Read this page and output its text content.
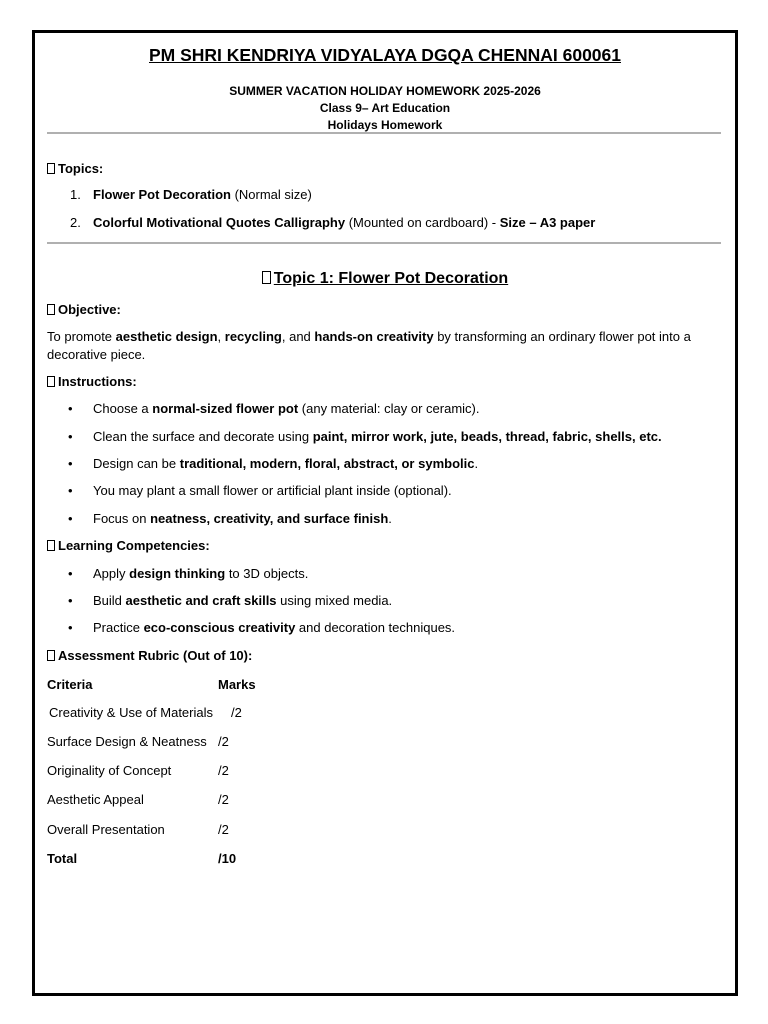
PM SHRI KENDRIYA VIDYALAYA DGQA CHENNAI 600061
SUMMER VACATION HOLIDAY HOMEWORK 2025-2026
Class 9– Art Education
Holidays Homework
Topics:
1. Flower Pot Decoration (Normal size)
2. Colorful Motivational Quotes Calligraphy (Mounted on cardboard) - Size – A3 paper
Topic 1: Flower Pot Decoration
Objective:
To promote aesthetic design, recycling, and hands-on creativity by transforming an ordinary flower pot into a decorative piece.
Instructions:
• Choose a normal-sized flower pot (any material: clay or ceramic).
• Clean the surface and decorate using paint, mirror work, jute, beads, thread, fabric, shells, etc.
• Design can be traditional, modern, floral, abstract, or symbolic.
• You may plant a small flower or artificial plant inside (optional).
• Focus on neatness, creativity, and surface finish.
Learning Competencies:
• Apply design thinking to 3D objects.
• Build aesthetic and craft skills using mixed media.
• Practice eco-conscious creativity and decoration techniques.
Assessment Rubric (Out of 10):
Criteria	Marks
Creativity & Use of Materials /2
Surface Design & Neatness /2
Originality of Concept	/2
Aesthetic Appeal	/2
Overall Presentation	/2
Total	/10
